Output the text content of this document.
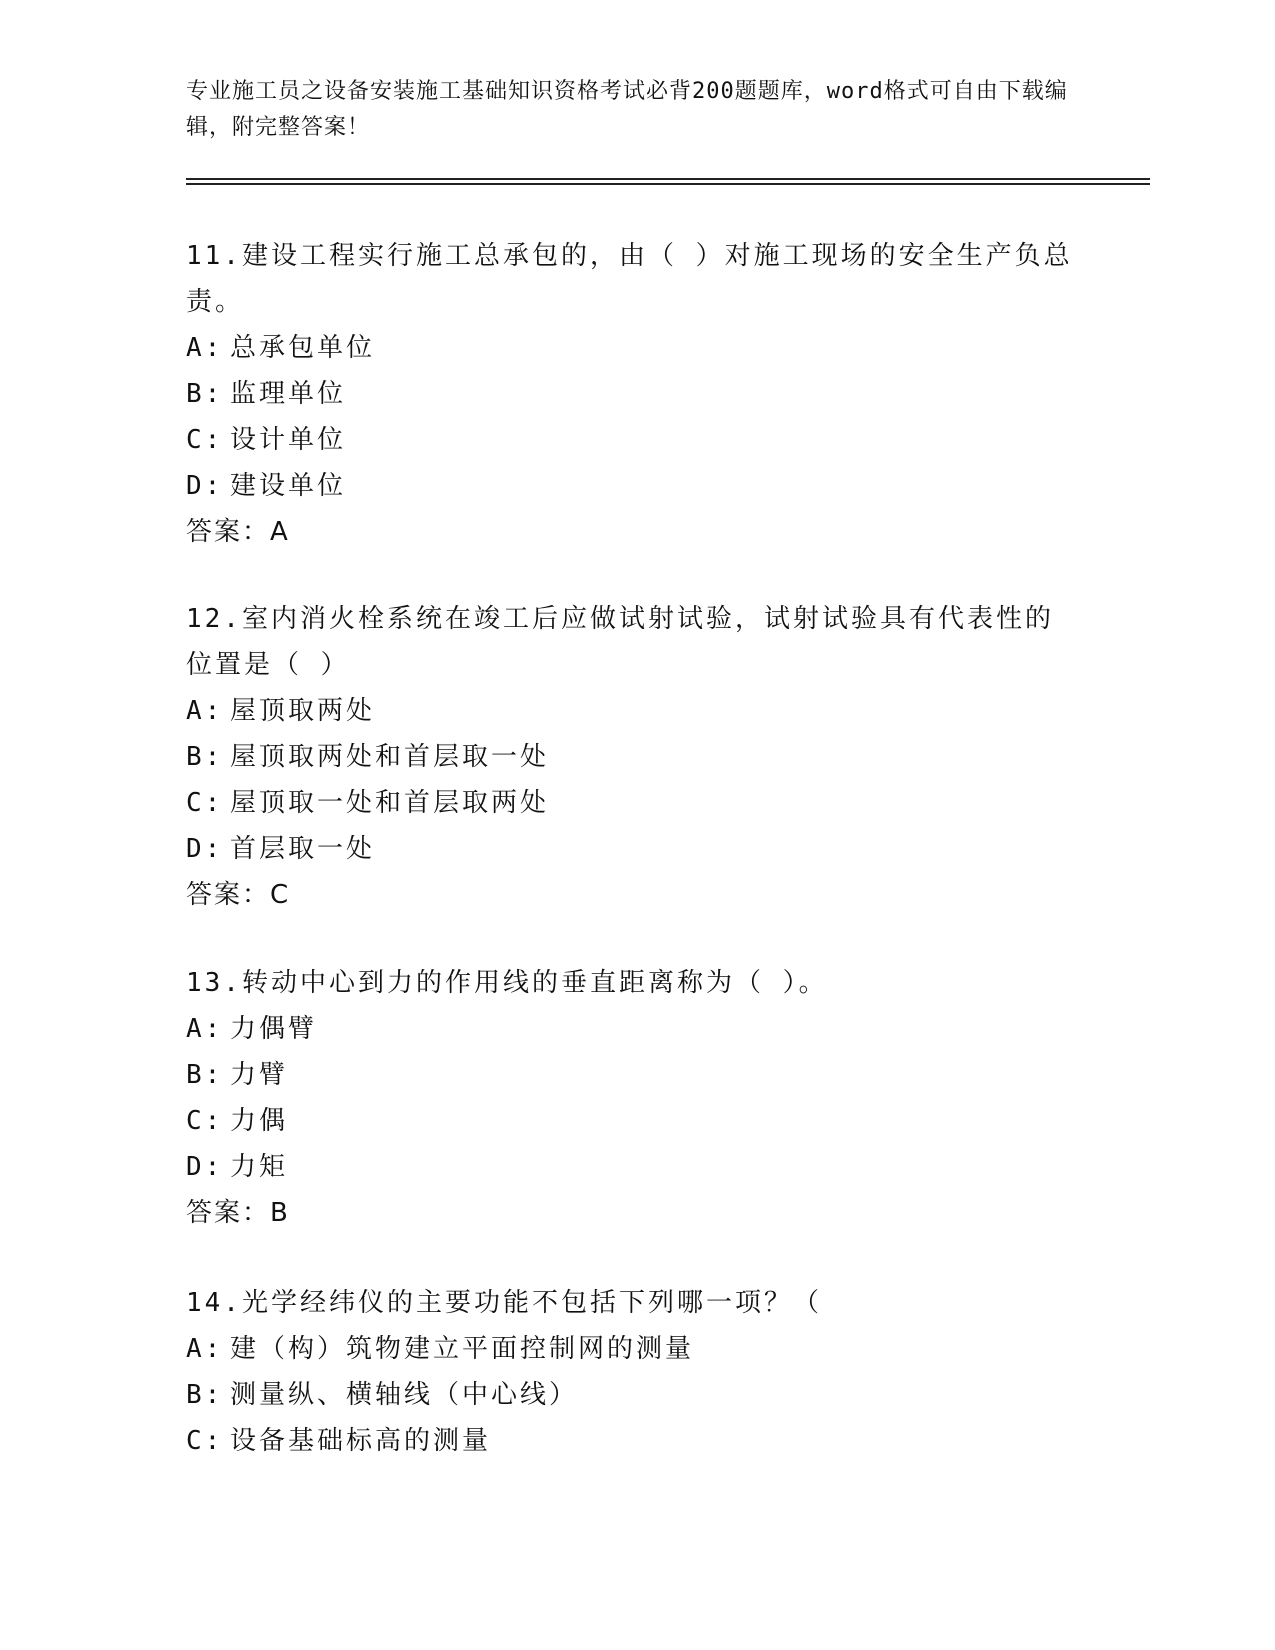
专业施工员之设备安装施工基础知识资格考试必背200题题库，word格式可自由下载编辑，附完整答案！

11.建设工程实行施工总承包的，由（ ）对施工现场的安全生产负总责。

A: 总承包单位

B: 监理单位

C: 设计单位

D: 建设单位

答案：A

12.室内消火栓系统在竣工后应做试射试验，试射试验具有代表性的位置是（ ）

A: 屋顶取两处

B: 屋顶取两处和首层取一处

C: 屋顶取一处和首层取两处

D: 首层取一处

答案：C

13.转动中心到力的作用线的垂直距离称为（ ）。

A: 力偶臂

B: 力臂

C: 力偶

D: 力矩

答案：B

14.光学经纬仪的主要功能不包括下列哪一项？（

A: 建（构）筑物建立平面控制网的测量

B: 测量纵、横轴线（中心线）

C: 设备基础标高的测量
